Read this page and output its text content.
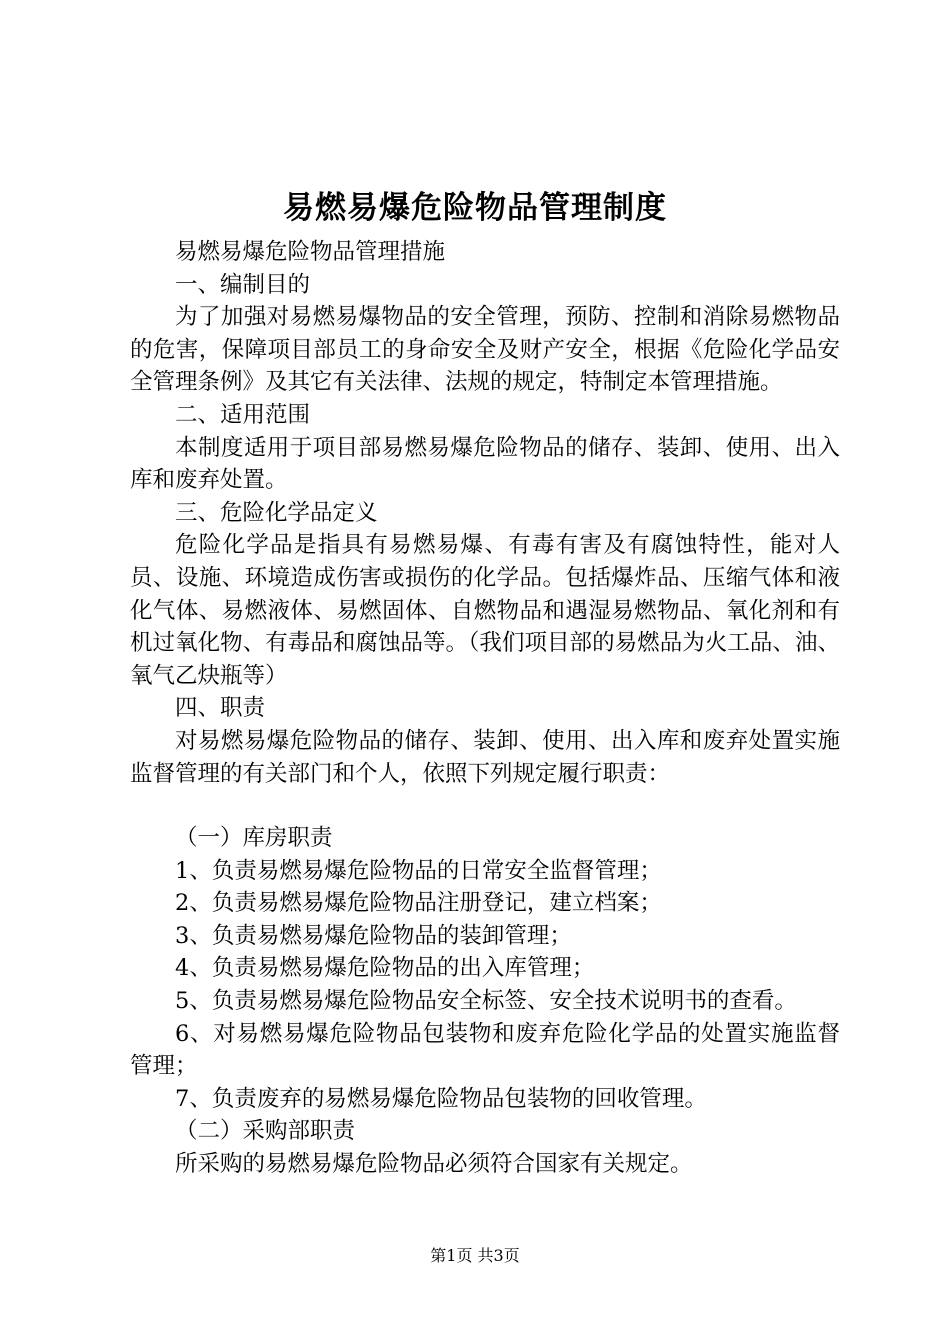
易燃易爆危险物品管理制度

易燃易爆危险物品管理措施

一、编制目的

为了加强对易燃易爆物品的安全管理，预防、控制和消除易燃物品的危害，保障项目部员工的身命安全及财产安全，根据《危险化学品安全管理条例》及其它有关法律、法规的规定，特制定本管理措施。

二、适用范围

本制度适用于项目部易燃易爆危险物品的储存、装卸、使用、出入库和废弃处置。

三、危险化学品定义

危险化学品是指具有易燃易爆、有毒有害及有腐蚀特性，能对人员、设施、环境造成伤害或损伤的化学品。包括爆炸品、压缩气体和液化气体、易燃液体、易燃固体、自燃物品和遇湿易燃物品、氧化剂和有机过氧化物、有毒品和腐蚀品等。（我们项目部的易燃品为火工品、油、氧气乙炔瓶等）

四、职责

对易燃易爆危险物品的储存、装卸、使用、出入库和废弃处置实施监督管理的有关部门和个人，依照下列规定履行职责：

（一）库房职责

1、负责易燃易爆危险物品的日常安全监督管理；

2、负责易燃易爆危险物品注册登记，建立档案；

3、负责易燃易爆危险物品的装卸管理；

4、负责易燃易爆危险物品的出入库管理；

5、负责易燃易爆危险物品安全标签、安全技术说明书的查看。

6、对易燃易爆危险物品包装物和废弃危险化学品的处置实施监督管理；

7、负责废弃的易燃易爆危险物品包装物的回收管理。

（二）采购部职责

所采购的易燃易爆危险物品必须符合国家有关规定。

第1页 共3页
